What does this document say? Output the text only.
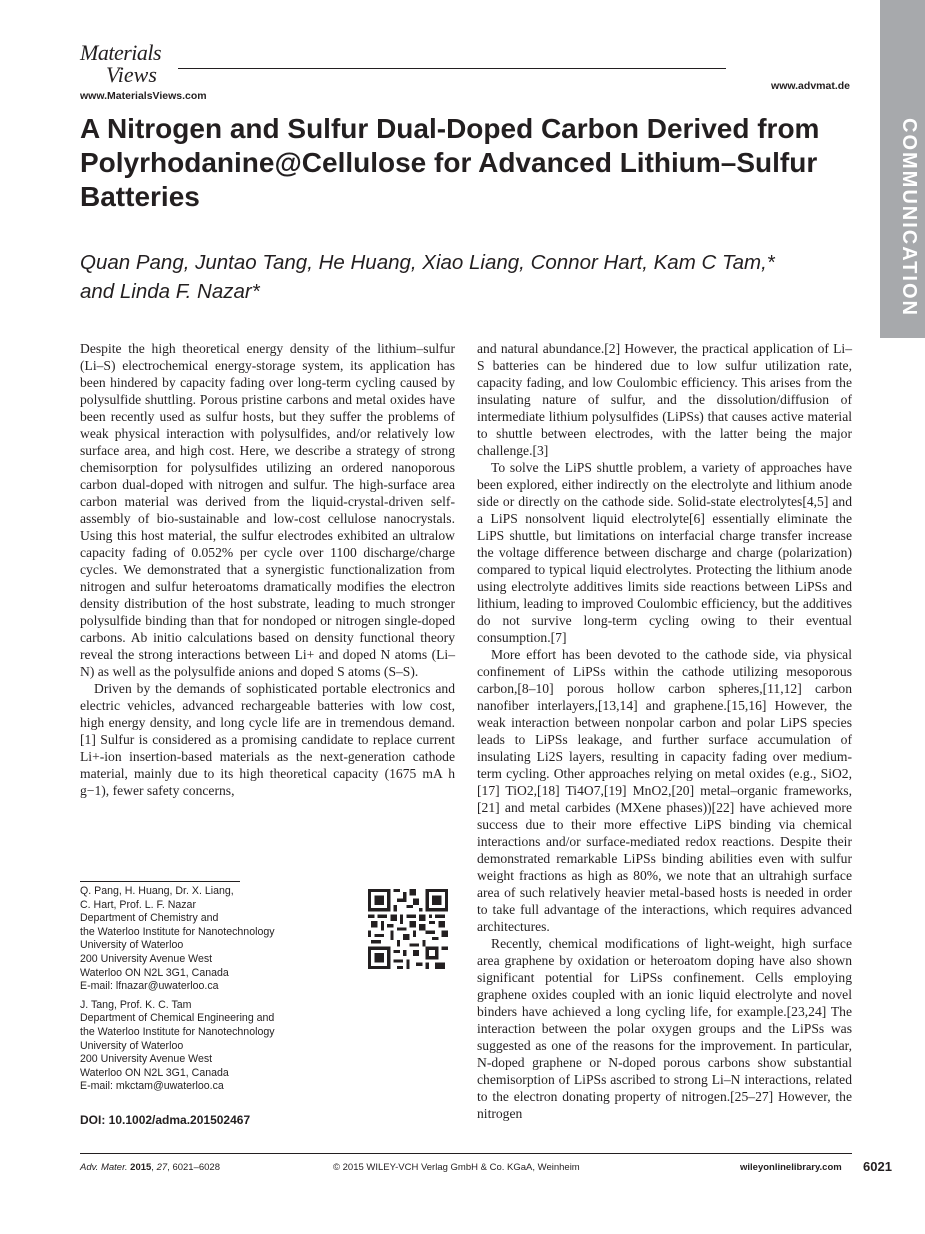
Materials
Views
www.MaterialsViews.com
www.advmat.de
COMMUNICATION
A Nitrogen and Sulfur Dual-Doped Carbon Derived from Polyrhodanine@Cellulose for Advanced Lithium–Sulfur Batteries
Quan Pang, Juntao Tang, He Huang, Xiao Liang, Connor Hart, Kam C Tam,*
and Linda F. Nazar*

Despite the high theoretical energy density of the lithium–sulfur (Li–S) electrochemical energy-storage system, its application has been hindered by capacity fading over long-term cycling caused by polysulfide shuttling. Porous pristine carbons and metal oxides have been recently used as sulfur hosts, but they suffer the problems of weak physical interaction with polysulfides, and/or relatively low surface area, and high cost. Here, we describe a strategy of strong chemisorption for polysulfides utilizing an ordered nanoporous carbon dual-doped with nitrogen and sulfur. The high-surface area carbon material was derived from the liquid-crystal-driven self-assembly of bio-sustainable and low-cost cellulose nanocrystals. Using this host material, the sulfur electrodes exhibited an ultralow capacity fading of 0.052% per cycle over 1100 discharge/charge cycles. We demonstrated that a synergistic functionalization from nitrogen and sulfur heteroatoms dramatically modifies the electron density distribution of the host substrate, leading to much stronger polysulfide binding than that for nondoped or nitrogen single-doped carbons. Ab initio calculations based on density functional theory reveal the strong interactions between Li+ and doped N atoms (Li–N) as well as the polysulfide anions and doped S atoms (S–S).

Driven by the demands of sophisticated portable electronics and electric vehicles, advanced rechargeable batteries with low cost, high energy density, and long cycle life are in tremendous demand.[1] Sulfur is considered as a promising candidate to replace current Li+-ion insertion-based materials as the next-generation cathode material, mainly due to its high theoretical capacity (1675 mA h g−1), fewer safety concerns,

and natural abundance.[2] However, the practical application of Li–S batteries can be hindered due to low sulfur utilization rate, capacity fading, and low Coulombic efficiency. This arises from the insulating nature of sulfur, and the dissolution/diffusion of intermediate lithium polysulfides (LiPSs) that causes active material to shuttle between electrodes, with the latter being the major challenge.[3]

To solve the LiPS shuttle problem, a variety of approaches have been explored, either indirectly on the electrolyte and lithium anode side or directly on the cathode side. Solid-state electrolytes[4,5] and a LiPS nonsolvent liquid electrolyte[6] essentially eliminate the LiPS shuttle, but limitations on interfacial charge transfer increase the voltage difference between discharge and charge (polarization) compared to typical liquid electrolytes. Protecting the lithium anode using electrolyte additives limits side reactions between LiPSs and lithium, leading to improved Coulombic efficiency, but the additives do not survive long-term cycling owing to their eventual consumption.[7]

More effort has been devoted to the cathode side, via physical confinement of LiPSs within the cathode utilizing mesoporous carbon,[8–10] porous hollow carbon spheres,[11,12] carbon nanofiber interlayers,[13,14] and graphene.[15,16] However, the weak interaction between nonpolar carbon and polar LiPS species leads to LiPSs leakage, and further surface accumulation of insulating Li2S layers, resulting in capacity fading over medium-term cycling. Other approaches relying on metal oxides (e.g., SiO2,[17] TiO2,[18] Ti4O7,[19] MnO2,[20] metal–organic frameworks,[21] and metal carbides (MXene phases))[22] have achieved more success due to their more effective LiPS binding via chemical interactions and/or surface-mediated redox reactions. Despite their demonstrated remarkable LiPSs binding abilities even with sulfur weight fractions as high as 80%, we note that an ultrahigh surface area of such relatively heavier metal-based hosts is needed in order to take full advantage of the interactions, which requires advanced architectures.

Recently, chemical modifications of light-weight, high surface area graphene by oxidation or heteroatom doping have also shown significant potential for LiPSs confinement. Cells employing graphene oxides coupled with an ionic liquid electrolyte and novel binders have achieved a long cycling life, for example.[23,24] The interaction between the polar oxygen groups and the LiPSs was suggested as one of the reasons for the improvement. In particular, N-doped graphene or N-doped porous carbons show substantial chemisorption of LiPSs ascribed to strong Li–N interactions, related to the electron donating property of nitrogen.[25–27] However, the nitrogen

Q. Pang, H. Huang, Dr. X. Liang,
C. Hart, Prof. L. F. Nazar
Department of Chemistry and
the Waterloo Institute for Nanotechnology
University of Waterloo
200 University Avenue West
Waterloo ON N2L 3G1, Canada
E-mail: lfnazar@uwaterloo.ca
J. Tang, Prof. K. C. Tam
Department of Chemical Engineering and
the Waterloo Institute for Nanotechnology
University of Waterloo
200 University Avenue West
Waterloo ON N2L 3G1, Canada
E-mail: mkctam@uwaterloo.ca
DOI: 10.1002/adma.201502467
Adv. Mater. 2015, 27, 6021–6028	© 2015 WILEY-VCH Verlag GmbH & Co. KGaA, Weinheim	wileyonlinelibrary.com 6021
